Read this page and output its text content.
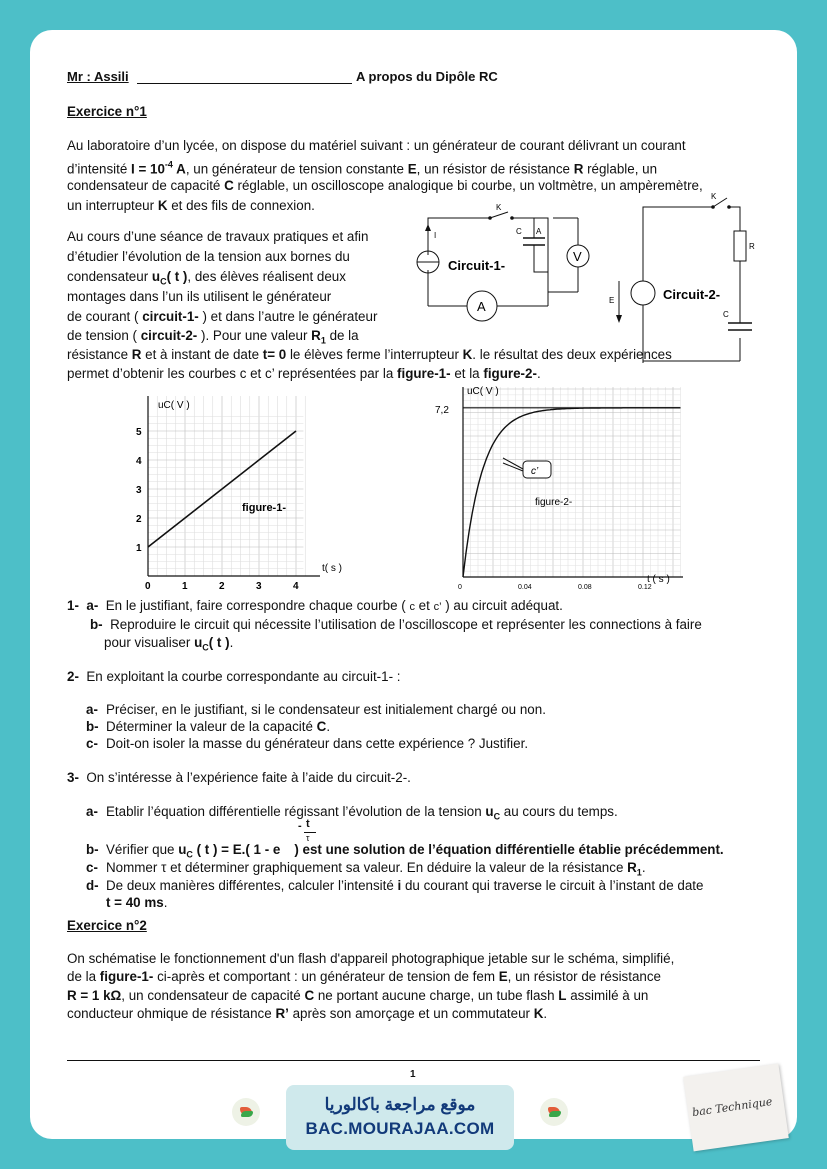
Mr : Assili	A propos du Dipôle RC
Exercice n°1
Au laboratoire d’un lycée, on dispose du matériel suivant : un générateur de courant délivrant un courant
d’intensité $I = 10^{-4}$ A, un générateur de tension constante E, un résistor de résistance R réglable, un
condensateur de capacité C réglable, un oscilloscope analogique bi courbe, un voltmètre, un ampèremètre,
un interrupteur K et des fils de connexion.
Au cours d’une séance de travaux pratiques et afin
d’étudier l’évolution de la tension aux bornes du
condensateur $u_C$( t ), des élèves réalisent deux
montages dans l’un ils utilisent le générateur
de courant ( circuit-1- ) et dans l’autre le générateur
de tension ( circuit-2- ). Pour une valeur $R_1$ de la
résistance R et à instant de date t= 0 le élèves ferme l’interrupteur K. le résultat des deux expériences
permet d’obtenir les courbes c et c’ représentées par la figure-1- et la figure-2-.
K
I	C A
V
A
Circuit-1-
K
R
C
E	Circuit-2-
uC( V )
t( s )
figure-1-
1
2
3
4
5
0	1	2	3	4
uC( V )
t ( s )
figure-2-
7,2
c’
0	0.04	0.08	0.12
1- a- En le justifiant, faire correspondre chaque courbe ( c et c’ ) au circuit adéquat.
b- Reproduire le circuit qui nécessite l’utilisation de l’oscilloscope et représenter les connections à faire
pour visualiser $u_C$( t ).
2- En exploitant la courbe correspondante au circuit-1- :
a- Préciser, en le justifiant, si le condensateur est initialement chargé ou non.
b- Déterminer la valeur de la capacité C.
c- Doit-on isoler la masse du générateur dans cette expérience ? Justifier.
3- On s’intéresse à l’expérience faite à l’aide du circuit-2-.
a- Etablir l’équation différentielle régissant l’évolution de la tension $u_C$ au cours du temps.
- t
τ
b- Vérifier que $u_C$ ( t ) = E.( 1 - e ) est une solution de l’équation différentielle établie précédemment.
c- Nommer τ et déterminer graphiquement sa valeur. En déduire la valeur de la résistance $R_1$.
d- De deux manières différentes, calculer l’intensité i du courant qui traverse le circuit à l’instant de date
t = 40 ms.
Exercice n°2
On schématise le fonctionnement d'un flash d'appareil photographique jetable sur le schéma, simplifié,
de la figure-1- ci-après et comportant : un générateur de tension de fem E, un résistor de résistance
R = 1 kΩ, un condensateur de capacité C ne portant aucune charge, un tube flash L assimilé à un
conducteur ohmique de résistance R’ après son amorçage et un commutateur K.
1
موقع مراجعة باكالوريا
BAC.MOURAJAA.COM
bac Technique
